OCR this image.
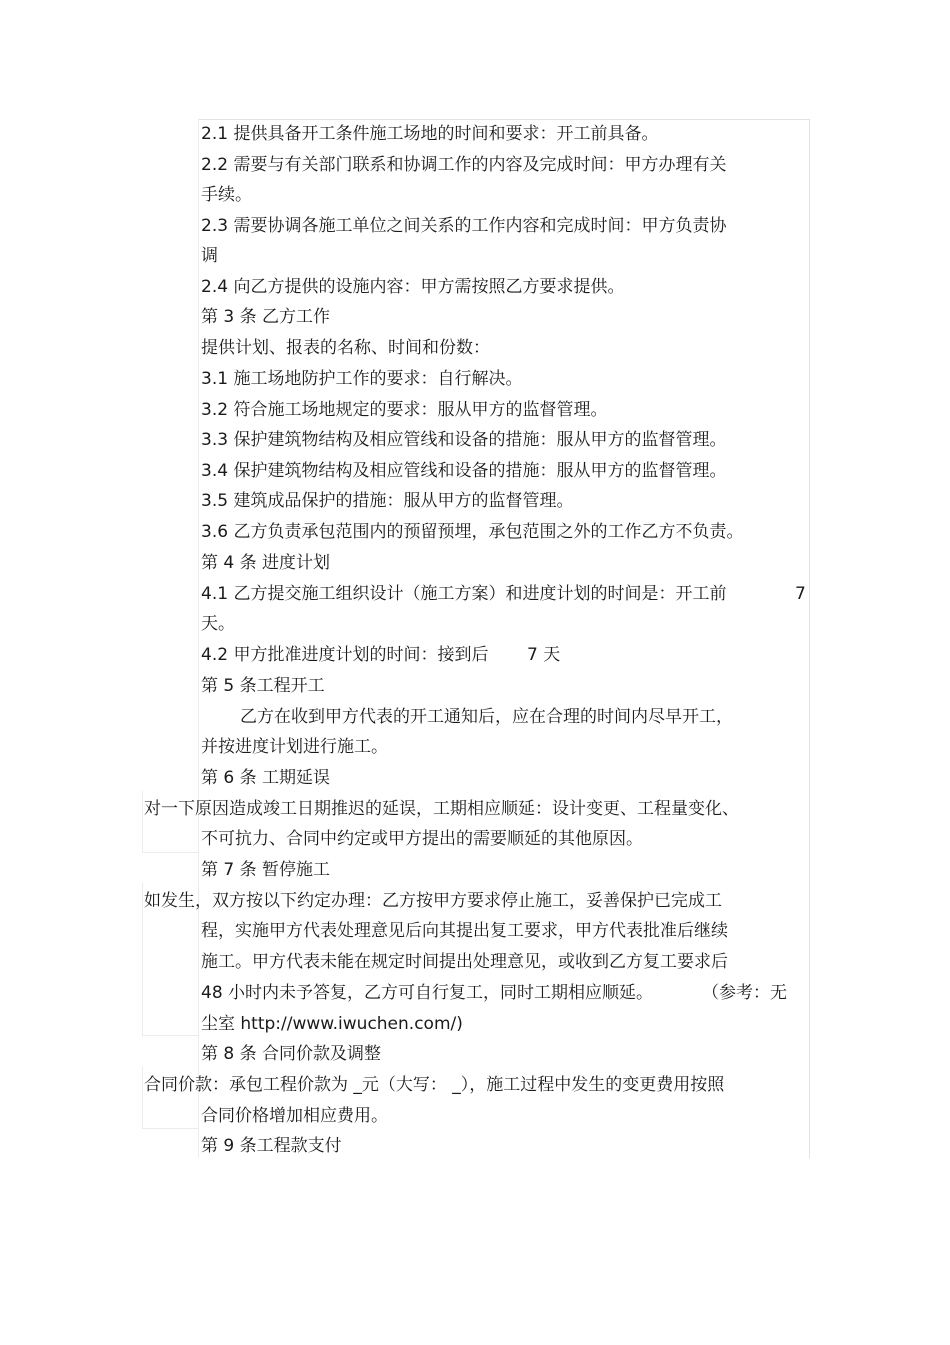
2.1 提供具备开工条件施工场地的时间和要求：开工前具备。
2.2 需要与有关部门联系和协调工作的内容及完成时间：甲方办理有关
手续。
2.3 需要协调各施工单位之间关系的工作内容和完成时间：甲方负责协
调
2.4 向乙方提供的设施内容：甲方需按照乙方要求提供。
第 3 条 乙方工作
提供计划、报表的名称、时间和份数：
3.1 施工场地防护工作的要求：自行解决。
3.2 符合施工场地规定的要求：服从甲方的监督管理。
3.3 保护建筑物结构及相应管线和设备的措施：服从甲方的监督管理。
3.4 保护建筑物结构及相应管线和设备的措施：服从甲方的监督管理。
3.5 建筑成品保护的措施：服从甲方的监督管理。
3.6 乙方负责承包范围内的预留预埋，承包范围之外的工作乙方不负责。
第 4 条 进度计划
4.1 乙方提交施工组织设计（施工方案）和进度计划的时间是：开工前	7
天。
4.2 甲方批准进度计划的时间：接到后 7 天
第 5 条工程开工
乙方在收到甲方代表的开工通知后，应在合理的时间内尽早开工，
并按进度计划进行施工。
第 6 条 工期延误
对一下原因造成竣工日期推迟的延误，工期相应顺延：设计变更、工程量变化、
不可抗力、合同中约定或甲方提出的需要顺延的其他原因。
第 7 条 暂停施工
如发生，双方按以下约定办理：乙方按甲方要求停止施工，妥善保护已完成工
程，实施甲方代表处理意见后向其提出复工要求，甲方代表批准后继续
施工。甲方代表未能在规定时间提出处理意见，或收到乙方复工要求后
48 小时内未予答复，乙方可自行复工，同时工期相应顺延。	（参考：无
尘室 http://www.iwuchen.com/)
第 8 条 合同价款及调整
合同价款：承包工程价款为 _元（大写： _），施工过程中发生的变更费用按照
合同价格增加相应费用。
第 9 条工程款支付
